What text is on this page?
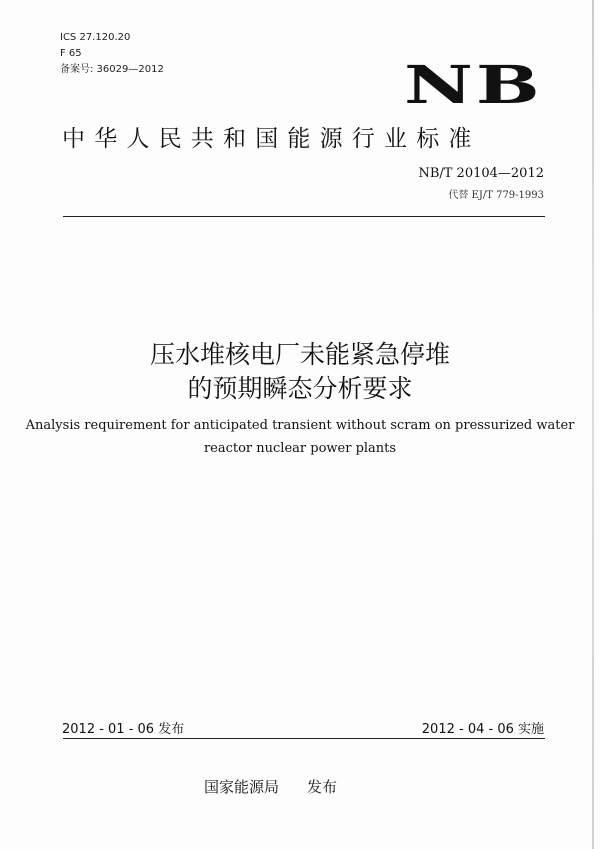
ICS 27.120.20
F 65
备案号: 36029—2012	NB
中华人民共和国能源行业标准
NB/T 20104—2012
代替 EJ/T 779-1993
压水堆核电厂未能紧急停堆
的预期瞬态分析要求
Analysis requirement for anticipated transient without scram on pressurized water
reactor nuclear power plants
2012 - 01 - 06 发布	2012 - 04 - 06 实施
国家能源局 发布
